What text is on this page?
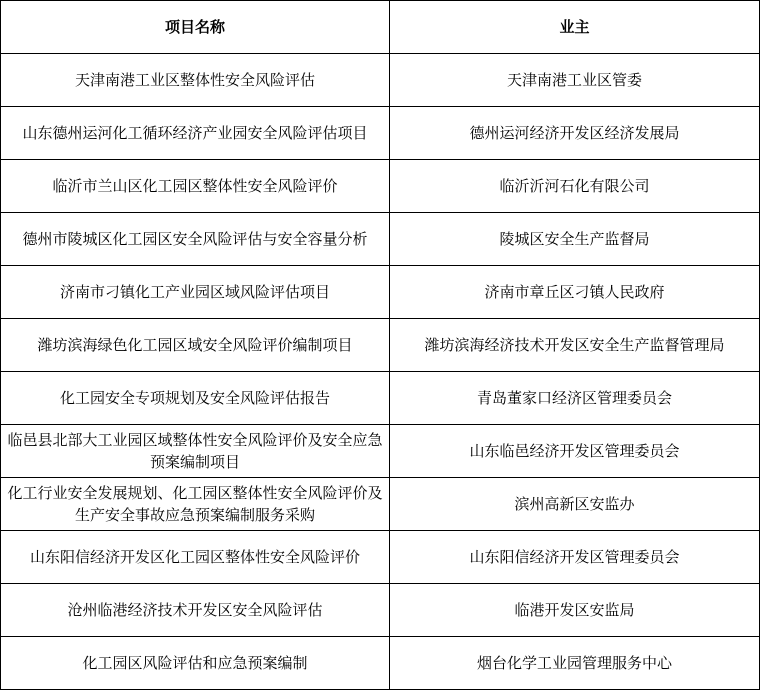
项目名称	业主
天津南港工业区整体性安全风险评估	天津南港工业区管委
山东德州运河化工循环经济产业园安全风险评估项目	德州运河经济开发区经济发展局
临沂市兰山区化工园区整体性安全风险评价	临沂沂河石化有限公司
德州市陵城区化工园区安全风险评估与安全容量分析	陵城区安全生产监督局
济南市刁镇化工产业园区域风险评估项目	济南市章丘区刁镇人民政府
潍坊滨海绿色化工园区域安全风险评价编制项目	潍坊滨海经济技术开发区安全生产监督管理局
化工园安全专项规划及安全风险评估报告	青岛董家口经济区管理委员会
临邑县北部大工业园区域整体性安全风险评价及安全应急预案编制项目	山东临邑经济开发区管理委员会
化工行业安全发展规划、化工园区整体性安全风险评价及生产安全事故应急预案编制服务采购	滨州高新区安监办
山东阳信经济开发区化工园区整体性安全风险评价	山东阳信经济开发区管理委员会
沧州临港经济技术开发区安全风险评估	临港开发区安监局
化工园区风险评估和应急预案编制	烟台化学工业园管理服务中心
